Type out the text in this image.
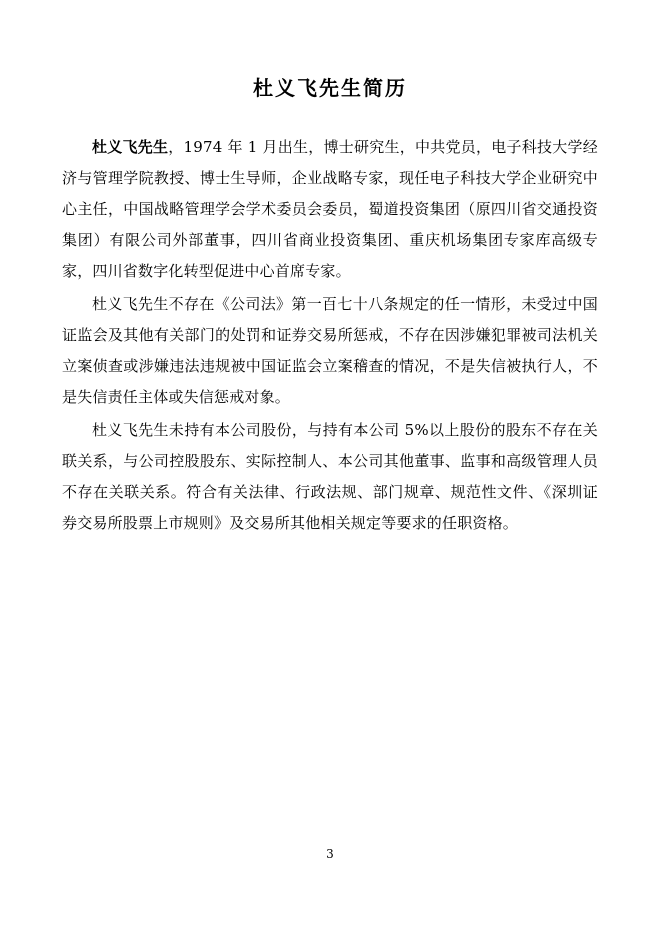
杜义飞先生简历

杜义飞先生，1974 年 1 月出生，博士研究生，中共党员，电子科技大学经济与管理学院教授、博士生导师，企业战略专家，现任电子科技大学企业研究中心主任，中国战略管理学会学术委员会委员，蜀道投资集团（原四川省交通投资集团）有限公司外部董事，四川省商业投资集团、重庆机场集团专家库高级专家，四川省数字化转型促进中心首席专家。

杜义飞先生不存在《公司法》第一百七十八条规定的任一情形，未受过中国证监会及其他有关部门的处罚和证券交易所惩戒，不存在因涉嫌犯罪被司法机关立案侦查或涉嫌违法违规被中国证监会立案稽查的情况，不是失信被执行人，不是失信责任主体或失信惩戒对象。

杜义飞先生未持有本公司股份，与持有本公司 5%以上股份的股东不存在关联关系，与公司控股股东、实际控制人、本公司其他董事、监事和高级管理人员不存在关联关系。符合有关法律、行政法规、部门规章、规范性文件、《深圳证券交易所股票上市规则》及交易所其他相关规定等要求的任职资格。

3
